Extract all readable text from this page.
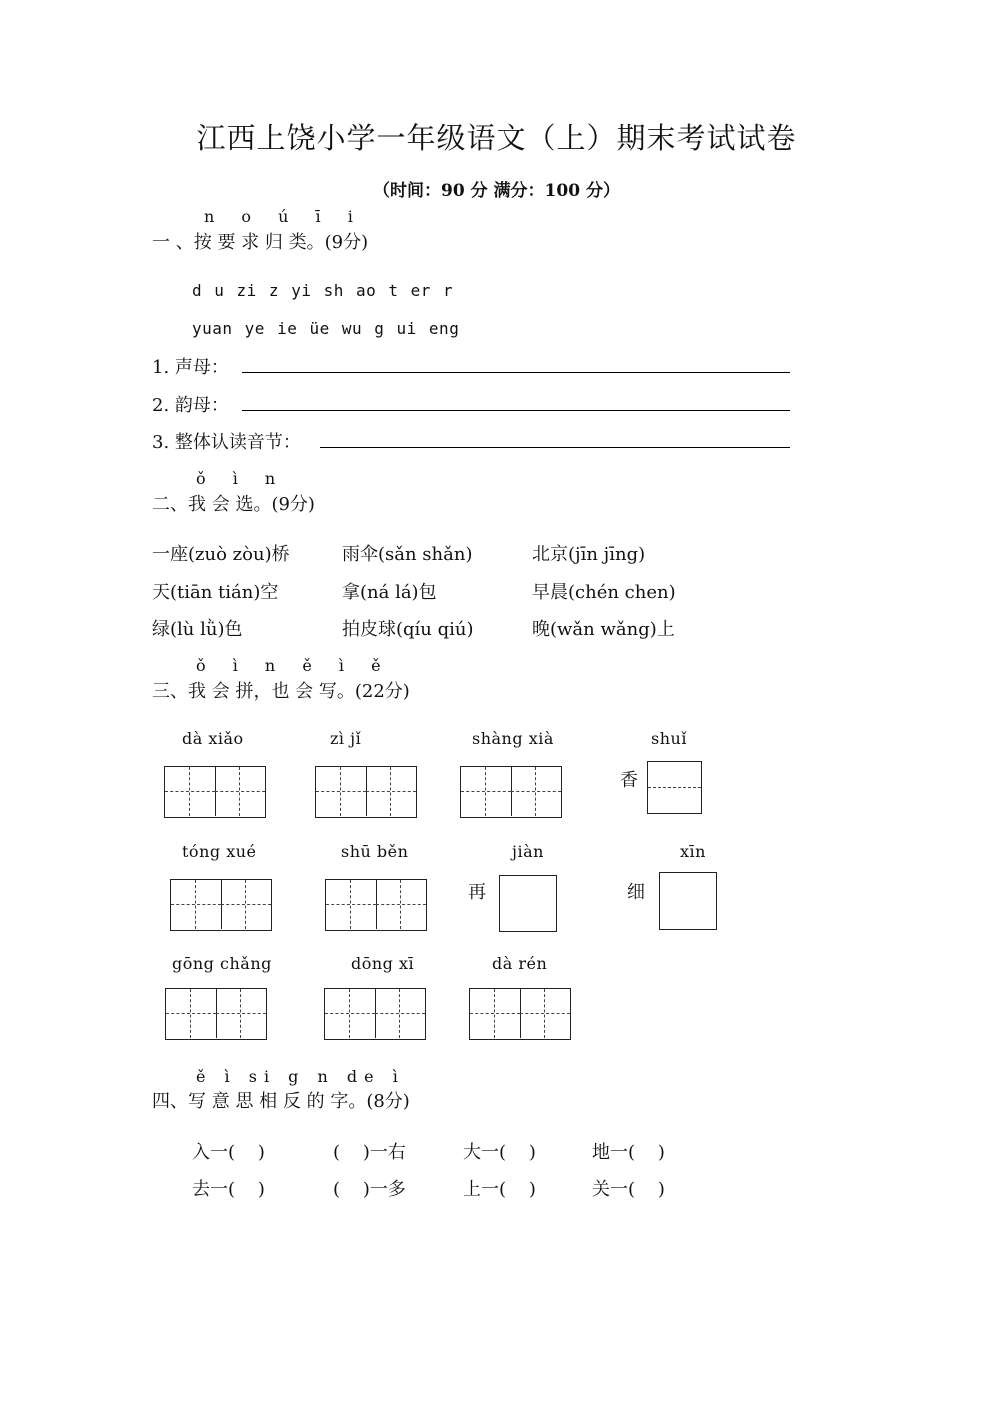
江西上饶小学一年级语文（上）期末考试试卷
（时间：90 分 满分：100 分）
n o ú ī i
一 、按 要 求 归 类。(9分)
d u zi z yi sh ao t er r
yuan ye ie üe wu g ui eng
1. 声母：
2. 韵母：
3. 整体认读音节：
ǒ ì n
二、我 会 选。(9分)
一座(zuò zòu)桥	雨伞(sǎn shǎn)	北京(jīn jīng)
天(tiān tián)空	拿(ná lá)包	早晨(chén chen)
绿(lù lǜ)色	拍皮球(qíu qiú)	晚(wǎn wǎng)上
ǒ ì n ě ì ě
三、我 会 拼，也 会 写。(22分)
dà xiǎo	zì jǐ	shàng xià	shuǐ
香
tóng xué	shū běn	jiàn	xīn
再	细
gōng chǎng	dōng xī	dà rén
ě ì si g n de ì
四、写 意 思 相 反 的 字。(8分)
入一(    )	(    )一右	大一(    )	地一(    )
去一(    )	(    )一多	上一(    )	关一(    )
